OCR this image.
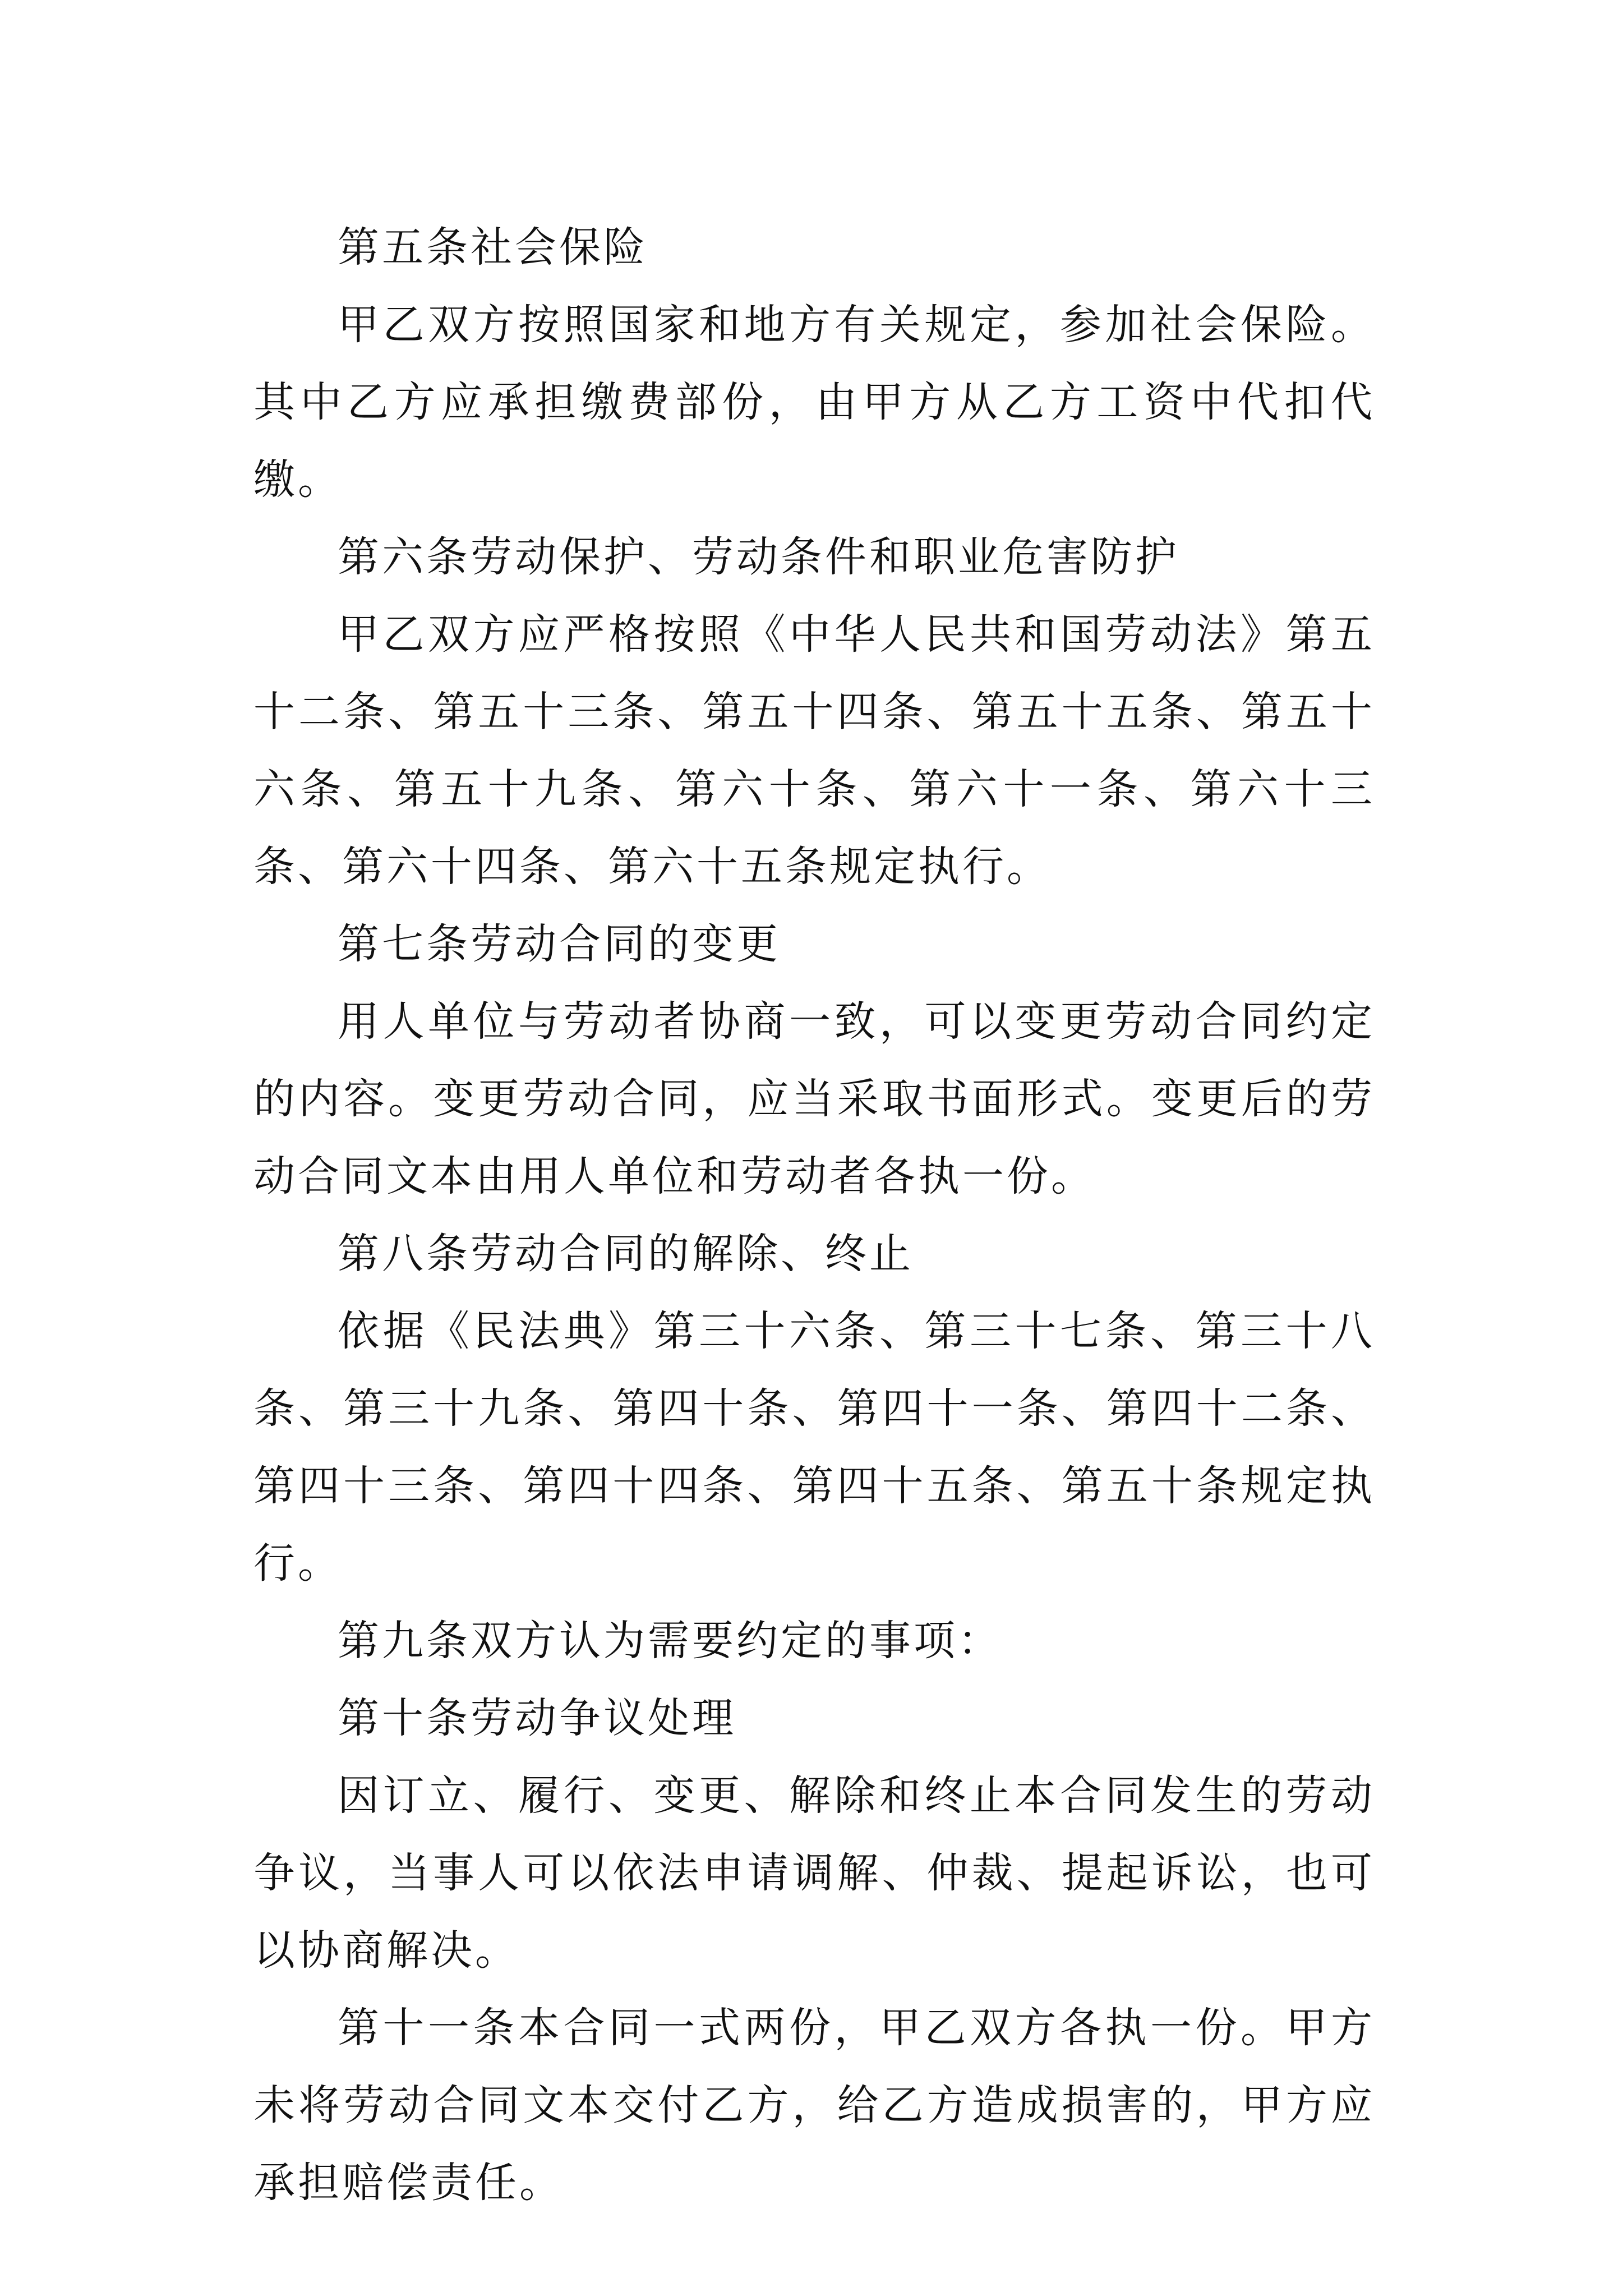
第五条社会保险

甲乙双方按照国家和地方有关规定，参加社会保险。其中乙方应承担缴费部份，由甲方从乙方工资中代扣代缴。

第六条劳动保护、劳动条件和职业危害防护

甲乙双方应严格按照《中华人民共和国劳动法》第五十二条、第五十三条、第五十四条、第五十五条、第五十六条、第五十九条、第六十条、第六十一条、第六十三条、第六十四条、第六十五条规定执行。

第七条劳动合同的变更

用人单位与劳动者协商一致，可以变更劳动合同约定的内容。变更劳动合同，应当采取书面形式。变更后的劳动合同文本由用人单位和劳动者各执一份。

第八条劳动合同的解除、终止

依据《民法典》第三十六条、第三十七条、第三十八条、第三十九条、第四十条、第四十一条、第四十二条、第四十三条、第四十四条、第四十五条、第五十条规定执行。

第九条双方认为需要约定的事项：

第十条劳动争议处理

因订立、履行、变更、解除和终止本合同发生的劳动争议，当事人可以依法申请调解、仲裁、提起诉讼，也可以协商解决。

第十一条本合同一式两份，甲乙双方各执一份。甲方未将劳动合同文本交付乙方，给乙方造成损害的，甲方应承担赔偿责任。
